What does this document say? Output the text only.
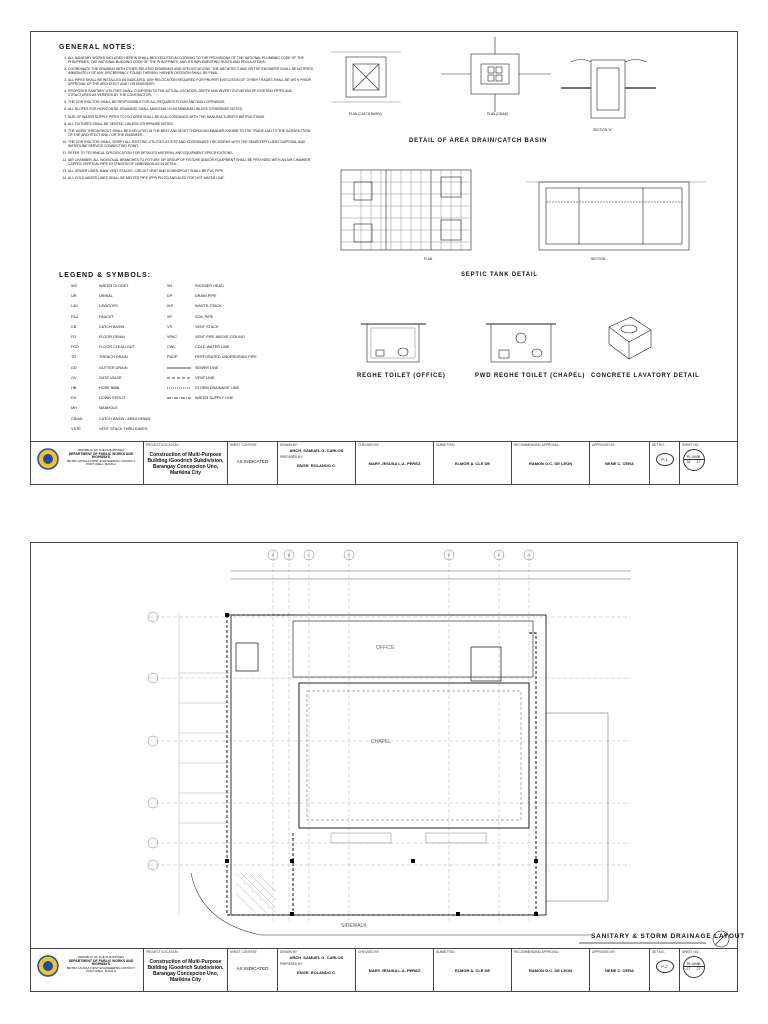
GENERAL NOTES:
1. ALL SANITARY WORKS INCLUDED HEREIN SHALL BE EXECUTED ACCORDING TO THE PROVISIONS OF THE NATIONAL PLUMBING CODE OF THE PHILIPPINES, THE NATIONAL BUILDING CODE OF THE PHILIPPINES, AND ITS IMPLEMENTING RULES AND REGULATIONS.
2. COORDINATE THE DRAWING WITH OTHER RELATED DRAWINGS AND SPECIFICATIONS. THE ARCHITECT AND OR THE ENGINEER SHALL BE NOTIFIED IMMEDIATELY OF ANY DISCREPANCY FOUND THEREIN. HIS/HER DECISION SHALL BE FINAL.
3. ALL PIPES SHALL BE INSTALLED AS INDICATED. ANY RELOCATION REQUIRED FOR PROPER EXECUTION OF OTHER TRADES SHALL BE WITH PRIOR APPROVAL OF THE ARCHITECT AND / OR ENGINEER.
4. PROPOSED SANITARY UTILITIES SHALL CONFORM TO THE ACTUAL LOCATION, DEPTH AND INVERT ELEVATION OF EXISTING PIPES AND STRUCTURES AS VERIFIED BY THE CONTRACTOR.
5. THE CONTRACTOR SHALL BE RESPONSIBLE FOR ALL REQUIRED FLOOR AND WALL OPENINGS.
6. ALL SLOPES FOR HORIZONTAL DRAINAGE SHALL MAINTAIN 1% AS MINIMUM UNLESS OTHERWISE NOTED.
7. SIZE OF WATER SUPPLY PIPES TO FIXTURES SHALL BE IN ACCORDANCE WITH THE MANUFACTURER'S INSTRUCTIONS.
8. ALL FIXTURES SHALL BE VENTED, UNLESS OTHERWISE NOTED.
9. THE WORK THROUGHOUT SHALL BE EXECUTED IN THE BEST AND MOST THOROUGH MANNER KNOWN TO THE TRADE AND TO THE SATISFACTION OF THE ARCHITECT AND / OR THE ENGINEER.
10. THE CONTRACTOR SHALL VERIFY ALL EXISTING UTILITIES AT SITE AND COORDINATE THE WORKS WITH THE SEWER EFFLUENT DISPOSAL AND WATERLINE SERVICE CONNECTING POINT.
11. REFER TO TECHNICAL SPECIFICATION FOR DETAILED MATERIAL AND EQUIPMENT SPECIFICATIONS.
12. AIR CHAMBER: ALL INDIVIDUAL BRANCHES TO FIXTURE OR GROUP OF FIXTURE AND/OR EQUIPMENT SHALL BE PROVIDED WITH AN AIR CHAMBER CAPPED VERTICAL PIPE EXTENSION OF DIMENSION AS IN DETAIL.
13. ALL SEWER LINES, MAIN VENT STACKS, CIRCUIT VENT AND DOWNSPOUT SHALL BE PVC PIPE.
14. ALL COLD WATER LINES SHALL BE MELTED PIPE (PPR PN-20) AND ALSO FOR HOT WATER LINE.
LEGEND & SYMBOLS:
WC	WATER CLOSET
UR	URINAL
LAV	LAVATORY
FAU	FAUCET
CB	CATCH BASIN
FD	FLOOR DRAIN
FCO	FLOOR CLEAN OUT
TD	TRENCH DRAIN
GD	GUTTER DRAIN
GV	GATE VALVE
HB	HOSE BIBB
DS	DOWN SPOUT
MH	MANHOLE
CB/AD	CATCH BASIN / AREA DRAIN
VSTE	VENT STACK THRU EAVES
SH	SHOWER HEAD
DP	DRAIN PIPE
WS	WASTE STACK
SP	SOIL PIPE
VS	VENT STACK
VPAC	VENT PIPE ABOVE CEILING
CWL	COLD WATER LINE
PUDP	PERFORATED UNDERDRAIN PIPE
SEWER LINE
VENT LINE
STORM DRAINAGE LINE
WATER SUPPLY LINE
PLAN (CATCH BASIN)	PLAN (CB/AD)
SECTION "A"
DETAIL OF AREA DRAIN/CATCH BASIN
PLAN	SECTION
SEPTIC TANK DETAIL
REGHE TOILET (OFFICE)	PWD REGHE TOILET (CHAPEL) CONCRETE LAVATORY DETAIL
REPUBLIC OF THE PHILIPPINES
DEPARTMENT OF PUBLIC WORKS AND HIGHWAYS
METRO MANILA FIRST ENGINEERING DISTRICT
PORT AREA, MANILA
PROJECT/LOCATION:
Construction of Multi-Purpose Building /Goodrich Subdivision, Barangay Concepcion Uno, Marikina City
SHEET CONTENT:
AS INDICATED
DRAWN BY:
ARCH. SAMUEL G. CARLOS
PREPARED BY:
ENGR. ROLANDO C.
CHECKED BY:
MARY JESUSA L.A. PEREZ
SUBMITTED:
ELMOR A. CLE DE
RECOMMENDING APPROVAL:
RAMON O.C. DE LEON
APPROVED BY:
NENE C. CERA
SET NO.:
P-1
SHEET NO.:
PLUMB
26 27
A	B	C	D	E	F	G
OFFICE
CHAPEL
SIDEWALK
SANITARY & STORM DRAINAGE LAYOUT
REPUBLIC OF THE PHILIPPINES
DEPARTMENT OF PUBLIC WORKS AND HIGHWAYS
METRO MANILA FIRST ENGINEERING DISTRICT
PORT AREA, MANILA
PROJECT/LOCATION:
Construction of Multi-Purpose Building /Goodrich Subdivision, Barangay Concepcion Uno, Marikina City
SHEET CONTENT:
AS INDICATED
DRAWN BY:
ARCH. SAMUEL G. CARLOS
PREPARED BY:
ENGR. ROLANDO C.
CHECKED BY:
MARY JESUSA L.A. PEREZ
SUBMITTED:
ELMOR A. CLE DE
RECOMMENDING APPROVAL:
RAMON O.C. DE LEON
APPROVED BY:
NENE C. CERA
SET NO.:
P-2
SHEET NO.:
PLUMB
27 27
